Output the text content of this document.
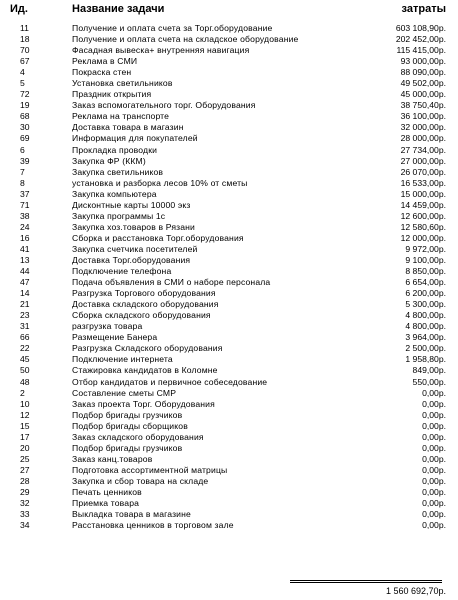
Ид.	Название задачи	затраты
11	Получение и оплата счета за Торг.оборудование	603 108,90р.
18	Получение и оплата счета на складское оборудование	202 452,00р.
70	Фасадная вывеска+ внутренняя навигация	115 415,00р.
67	Реклама в СМИ	93 000,00р.
4	Покраска стен	88 090,00р.
5	Установка светильников	49 502,00р.
72	Праздник открытия	45 000,00р.
19	Заказ вспомогательного торг. Оборудования	38 750,40р.
68	Реклама на транспорте	36 100,00р.
30	Доставка товара в магазин	32 000,00р.
69	Информация для покупателей	28 000,00р.
6	Прокладка проводки	27 734,00р.
39	Закупка ФР (ККМ)	27 000,00р.
7	Закупка светильников	26 070,00р.
8	установка и разборка лесов 10% от сметы	16 533,00р.
37	Закупка компьютера	15 000,00р.
71	Дисконтные карты 10000 экз	14 459,00р.
38	Закупка программы 1с	12 600,00р.
24	Закупка хоз.товаров в Рязани	12 580,60р.
16	Сборка и расстановка Торг.оборудования	12 000,00р.
41	Закупка счетчика посетителей	9 972,00р.
13	Доставка Торг.оборудования	9 100,00р.
44	Подключение телефона	8 850,00р.
47	Подача объявления в СМИ о наборе персонала	6 654,00р.
14	Разгрузка Торгового оборудования	6 200,00р.
21	Доставка складского оборудования	5 300,00р.
23	Сборка складского оборудования	4 800,00р.
31	разгрузка товара	4 800,00р.
66	Размещение Банера	3 964,00р.
22	Разгрузка Складского оборудования	2 500,00р.
45	Подключение интернета	1 958,80р.
50	Стажировка кандидатов в Коломне	849,00р.
48	Отбор кандидатов и первичное собеседование	550,00р.
2	Составление сметы СМР	0,00р.
10	Заказ проекта Торг. Оборудования	0,00р.
12	Подбор бригады грузчиков	0,00р.
15	Подбор бригады сборщиков	0,00р.
17	Заказ складского оборудования	0,00р.
20	Подбор бригады грузчиков	0,00р.
25	Заказ канц.товаров	0,00р.
27	Подготовка ассортиментной матрицы	0,00р.
28	Закупка и сбор товара на складе	0,00р.
29	Печать ценников	0,00р.
32	Приемка товара	0,00р.
33	Выкладка товара в магазине	0,00р.
34	Расстановка ценников в торговом зале	0,00р.
1 560 692,70р.
